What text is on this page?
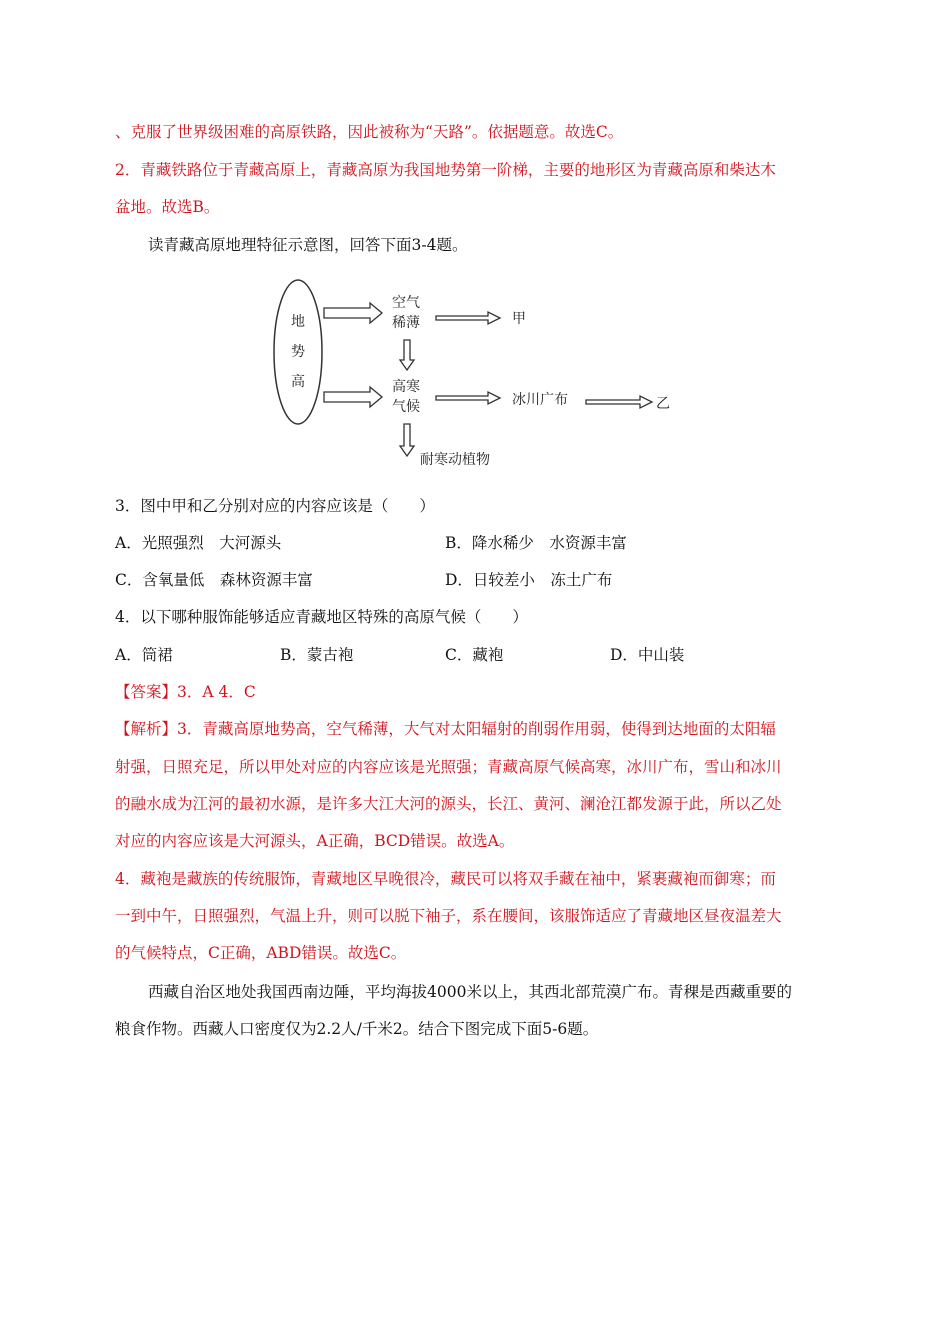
、克服了世界级困难的高原铁路，因此被称为“天路”。依据题意。故选C。
2．青藏铁路位于青藏高原上，青藏高原为我国地势第一阶梯，主要的地形区为青藏高原和柴达木
盆地。故选B。
读青藏高原地理特征示意图，回答下面3-4题。
地
势
高
空气
稀薄	甲
高寒
气候	冰川广布	乙
耐寒动植物
3．图中甲和乙分别对应的内容应该是（　　）
A．光照强烈　大河源头	B．降水稀少　水资源丰富
C．含氧量低　森林资源丰富	D．日较差小　冻土广布
4．以下哪种服饰能够适应青藏地区特殊的高原气候（　　）
A．筒裙	B．蒙古袍	C．藏袍	D．中山装
【答案】3．A 4．C
【解析】3．青藏高原地势高，空气稀薄，大气对太阳辐射的削弱作用弱，使得到达地面的太阳辐
射强，日照充足，所以甲处对应的内容应该是光照强；青藏高原气候高寒，冰川广布，雪山和冰川
的融水成为江河的最初水源，是许多大江大河的源头，长江、黄河、澜沧江都发源于此，所以乙处
对应的内容应该是大河源头，A正确，BCD错误。故选A。
4．藏袍是藏族的传统服饰，青藏地区早晚很冷，藏民可以将双手藏在袖中，紧裹藏袍而御寒；而
一到中午，日照强烈，气温上升，则可以脱下袖子，系在腰间，该服饰适应了青藏地区昼夜温差大
的气候特点，C正确，ABD错误。故选C。
西藏自治区地处我国西南边陲，平均海拔4000米以上，其西北部荒漠广布。青稞是西藏重要的
粮食作物。西藏人口密度仅为2.2人/千米2。结合下图完成下面5-6题。
